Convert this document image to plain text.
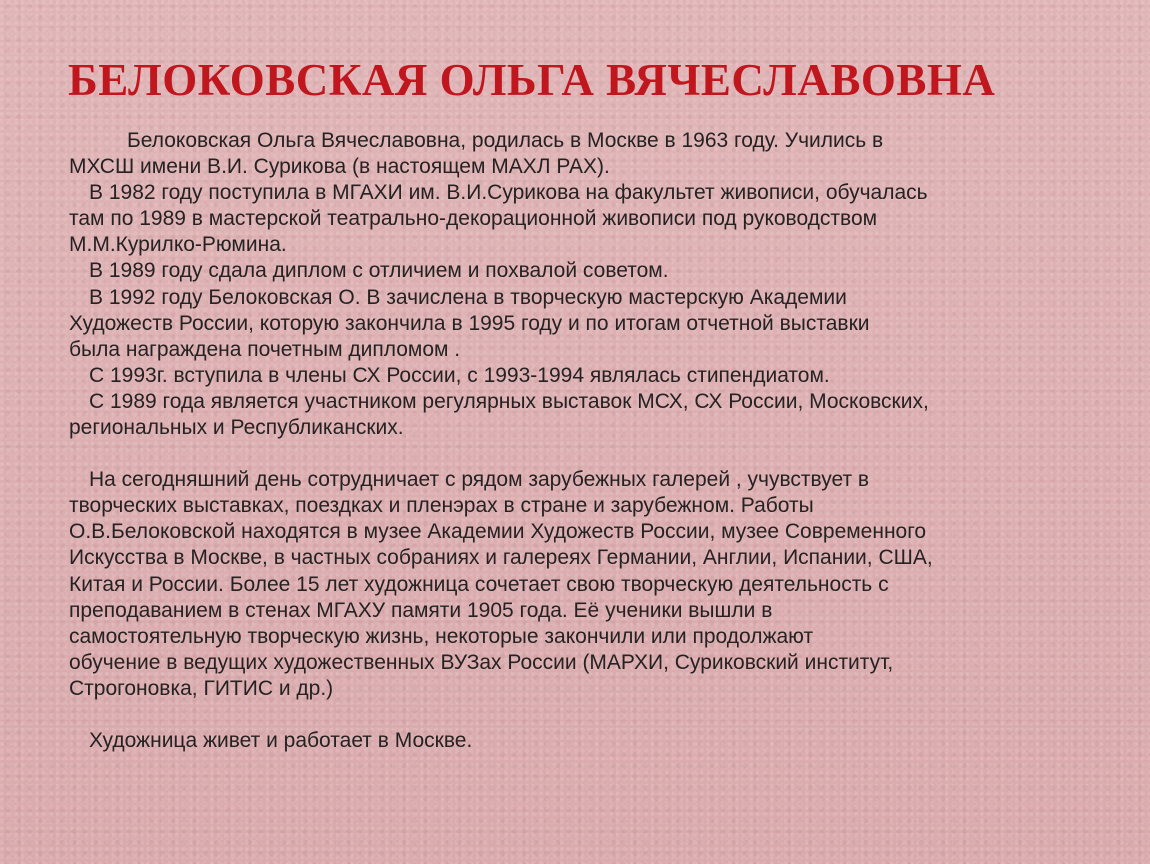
БЕЛОКОВСКАЯ ОЛЬГА ВЯЧЕСЛАВОВНА

Белоковская Ольга Вячеславовна, родилась в Москве в 1963 году. Учились в
МХСШ имени В.И. Сурикова (в настоящем МАХЛ РАХ).

В 1982 году поступила в МГАХИ им. В.И.Сурикова на факультет живописи, обучалась
там по 1989 в мастерской театрально-декорационной живописи под руководством
М.М.Курилко-Рюмина.

В 1989 году сдала диплом с отличием и похвалой советом.

В 1992 году Белоковская О. В зачислена в творческую мастерскую Академии
Художеств России, которую закончила в 1995 году и по итогам отчетной выставки
была награждена почетным дипломом .

С 1993г. вступила в члены СХ России, с 1993-1994 являлась стипендиатом.

С 1989 года является участником регулярных выставок МСХ, СХ России, Московских,
региональных и Республиканских.

На сегодняшний день сотрудничает с рядом зарубежных галерей , учувствует в
творческих выставках, поездках и пленэрах в стране и зарубежном. Работы
О.В.Белоковской находятся в музее Академии Художеств России, музее Современного
Искусства в Москве, в частных собраниях и галереях Германии, Англии, Испании, США,
Китая и России. Более 15 лет художница сочетает свою творческую деятельность с
преподаванием в стенах МГАХУ памяти 1905 года. Её ученики вышли в
самостоятельную творческую жизнь, некоторые закончили или продолжают
обучение в ведущих художественных ВУЗах России (МАРХИ, Суриковский институт,
Строгоновка, ГИТИС и др.)

Художница живет и работает в Москве.
